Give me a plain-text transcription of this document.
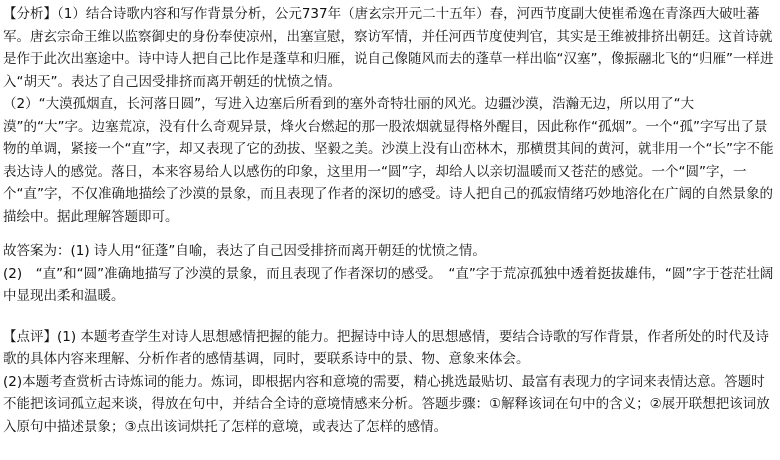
【分析】（1）结合诗歌内容和写作背景分析，公元737年（唐玄宗开元二十五年）春，河西节度副大使崔希逸在青涤西大破吐蕃军。唐玄宗命王维以监察御史的身份奉使凉州，出塞宣慰，察访军情，并任河西节度使判官，其实是王维被排挤出朝廷。这首诗就是作于此次出塞途中。诗中诗人把自己比作是蓬草和归雁，说自己像随风而去的蓬草一样出临“汉塞”，像振翮北飞的“归雁”一样进入“胡天”。表达了自己因受排挤而离开朝廷的忧愤之情。

（2）“大漠孤烟直，长河落日圆”，写进入边塞后所看到的塞外奇特壮丽的风光。边疆沙漠，浩瀚无边，所以用了“大漠”的“大”字。边塞荒凉，没有什么奇观异景，烽火台燃起的那一股浓烟就显得格外醒目，因此称作“孤烟”。一个“孤”字写出了景物的单调，紧接一个“直”字，却又表现了它的劲拔、坚毅之美。沙漠上没有山峦林木，那横贯其间的黄河，就非用一个“长”字不能表达诗人的感觉。落日，本来容易给人以感伤的印象，这里用一“圆”字，却给人以亲切温暖而又苍茫的感觉。一个“圆”字，一个“直”字，不仅准确地描绘了沙漠的景象，而且表现了作者的深切的感受。诗人把自己的孤寂情绪巧妙地溶化在广阔的自然景象的描绘中。据此理解答题即可。

故答案为：(1) 诗人用“征蓬”自喻，表达了自己因受排挤而离开朝廷的忧愤之情。

(2)　“直”和“圆”准确地描写了沙漠的景象，而且表现了作者深切的感受。　“直”字于荒凉孤独中透着挺拔雄伟，“圆”字于苍茫壮阔中显现出柔和温暖。

【点评】(1) 本题考查学生对诗人思想感情把握的能力。把握诗中诗人的思想感情，要结合诗歌的写作背景，作者所处的时代及诗歌的具体内容来理解、分析作者的感情基调，同时，要联系诗中的景、物、意象来体会。

(2)本题考查赏析古诗炼词的能力。炼词，即根据内容和意境的需要，精心挑选最贴切、最富有表现力的字词来表情达意。答题时不能把该词孤立起来谈，得放在句中，并结合全诗的意境情感来分析。答题步骤：①解释该词在句中的含义；②展开联想把该词放入原句中描述景象；③点出该词烘托了怎样的意境，或表达了怎样的感情。
